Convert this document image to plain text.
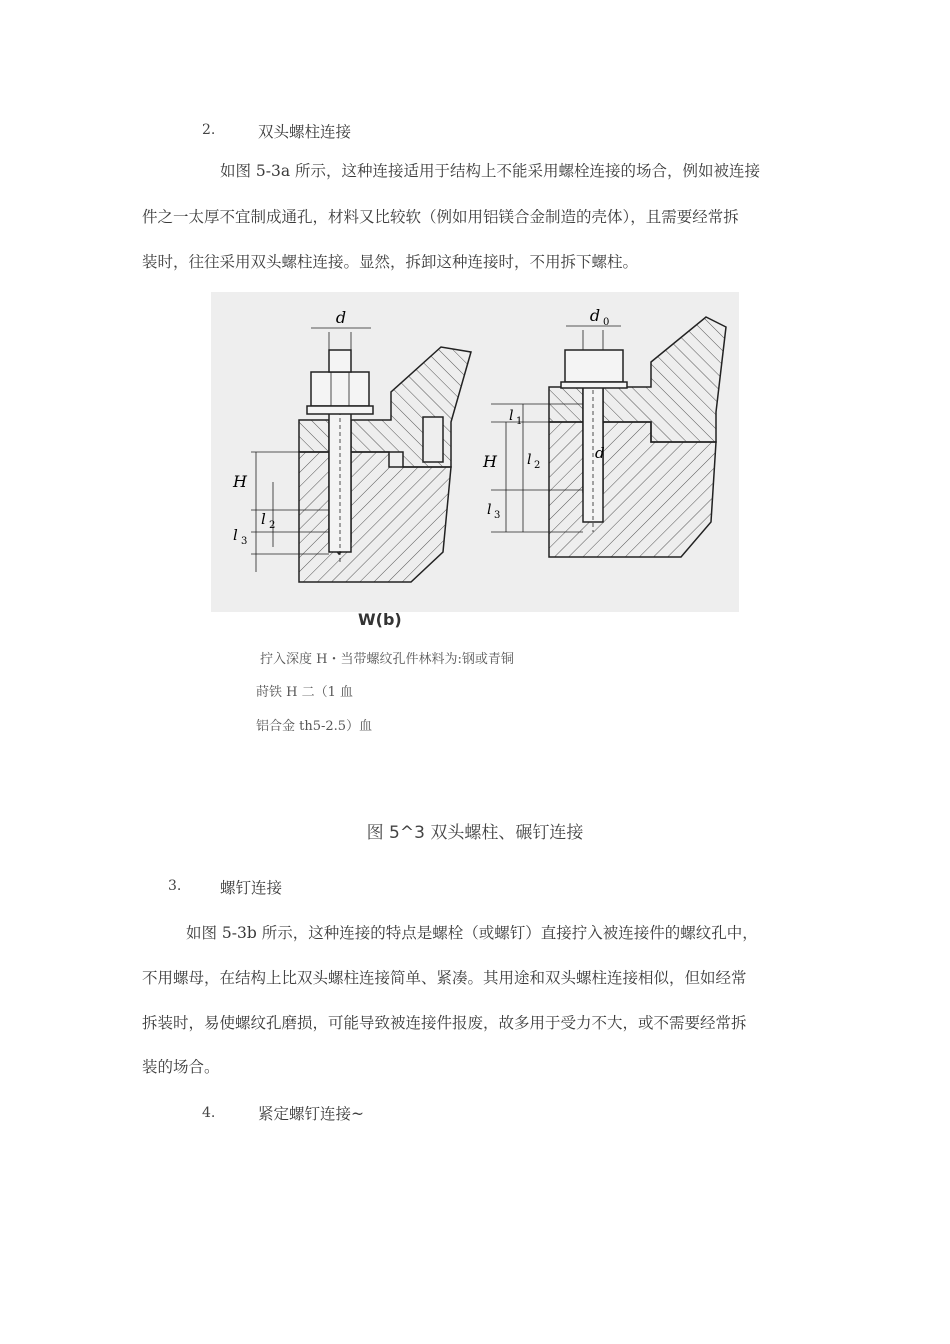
2.	双头螺柱连接
如图 5-3a 所示，这种连接适用于结构上不能采用螺栓连接的场合，例如被连接
件之一太厚不宜制成通孔，材料又比较软（例如用铝镁合金制造的壳体），且需要经常拆
装时，往往采用双头螺柱连接。显然，拆卸这种连接时，不用拆下螺柱。
d
H
l 3
l 2
d 0
d
H
l 1
l 2
l 3
W(b)
拧入深度 H・当带螺纹孔件林料为:钢或青铜
莳铁 H 二（1 血
铝合金 th5-2.5）血
图 5^3 双头螺柱、碾钉连接
3. 螺钉连接
如图 5-3b 所示，这种连接的特点是螺栓（或螺钉）直接拧入被连接件的螺纹孔中，
不用螺母，在结构上比双头螺柱连接简单、紧凑。其用途和双头螺柱连接相似，但如经常
拆装时，易使螺纹孔磨损，可能导致被连接件报废，故多用于受力不大，或不需要经常拆
装的场合。
4.	紧定螺钉连接~
